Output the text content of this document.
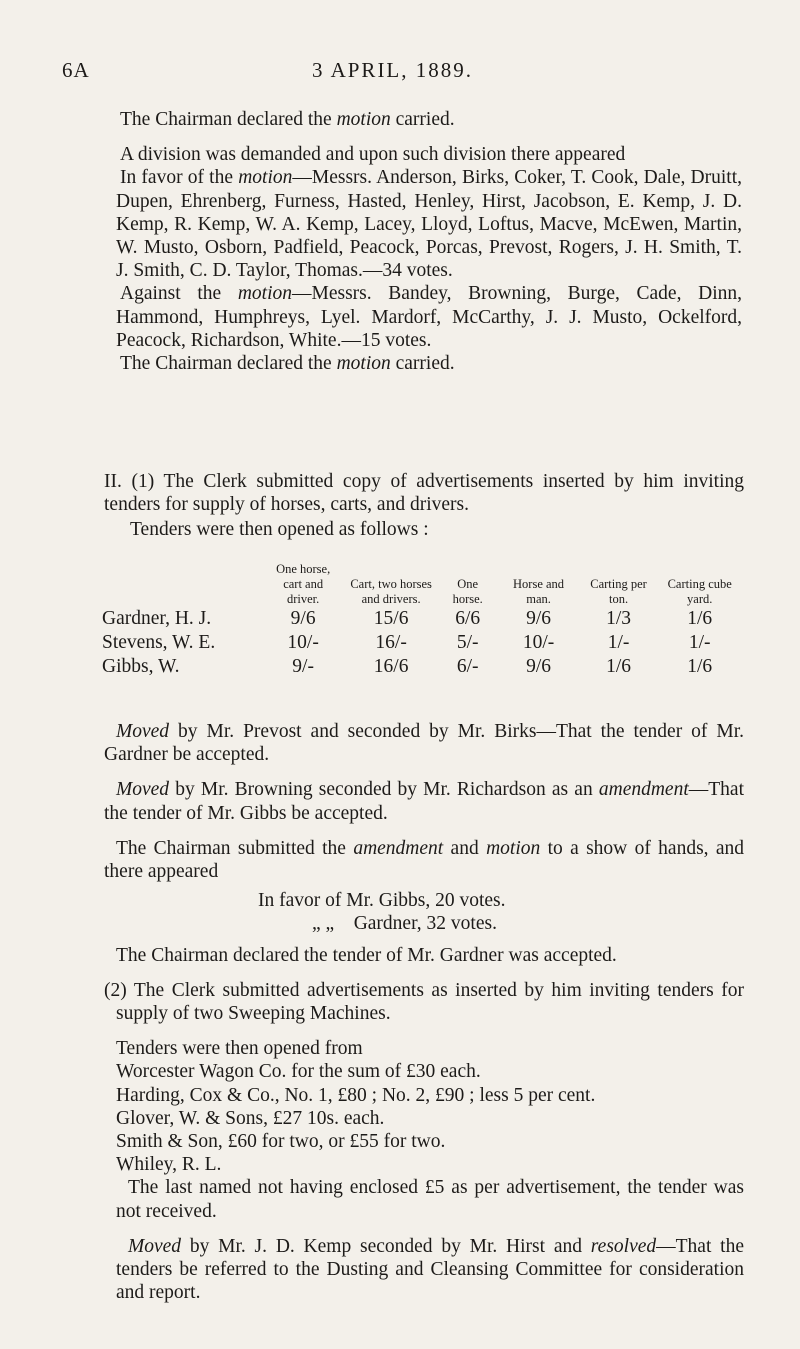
6A	3 APRIL, 1889.

The Chairman declared the motion carried.

A division was demanded and upon such division there appeared

In favor of the motion—Messrs. Anderson, Birks, Coker, T. Cook, Dale, Druitt, Dupen, Ehrenberg, Furness, Hasted, Henley, Hirst, Jacobson, E. Kemp, J. D. Kemp, R. Kemp, W. A. Kemp, Lacey, Lloyd, Loftus, Macve, McEwen, Martin, W. Musto, Osborn, Padfield, Peacock, Porcas, Prevost, Rogers, J. H. Smith, T. J. Smith, C. D. Taylor, Thomas.—34 votes.

Against the motion—Messrs. Bandey, Browning, Burge, Cade, Dinn, Hammond, Humphreys, Lyel. Mardorf, McCarthy, J. J. Musto, Ockelford, Peacock, Richardson, White.—15 votes.

The Chairman declared the motion carried.

II. (1) The Clerk submitted copy of advertisements inserted by him inviting tenders for supply of horses, carts, and drivers.

Tenders were then opened as follows :

	One horse, cart and driver.	Cart, two horses and drivers.	One horse.	Horse and man.	Carting per ton.	Carting cube yard.
Gardner, H. J.	9/6	15/6	6/6	9/6	1/3	1/6
Stevens, W. E.	10/-	16/-	5/-	10/-	1/-	1/-
Gibbs, W.	9/-	16/6	6/-	9/6	1/6	1/6

Moved by Mr. Prevost and seconded by Mr. Birks—That the tender of Mr. Gardner be accepted.

Moved by Mr. Browning seconded by Mr. Richardson as an amendment—That the tender of Mr. Gibbs be accepted.

The Chairman submitted the amendment and motion to a show of hands, and there appeared

In favor of Mr. Gibbs, 20 votes.

„ „ Gardner, 32 votes.

The Chairman declared the tender of Mr. Gardner was accepted.

(2) The Clerk submitted advertisements as inserted by him inviting tenders for supply of two Sweeping Machines.

Tenders were then opened from

Worcester Wagon Co. for the sum of £30 each.

Harding, Cox & Co., No. 1, £80 ; No. 2, £90 ; less 5 per cent.

Glover, W. & Sons, £27 10s. each.

Smith & Son, £60 for two, or £55 for two.

Whiley, R. L.

The last named not having enclosed £5 as per advertisement, the tender was not received.

Moved by Mr. J. D. Kemp seconded by Mr. Hirst and resolved—That the tenders be referred to the Dusting and Cleansing Committee for consideration and report.
